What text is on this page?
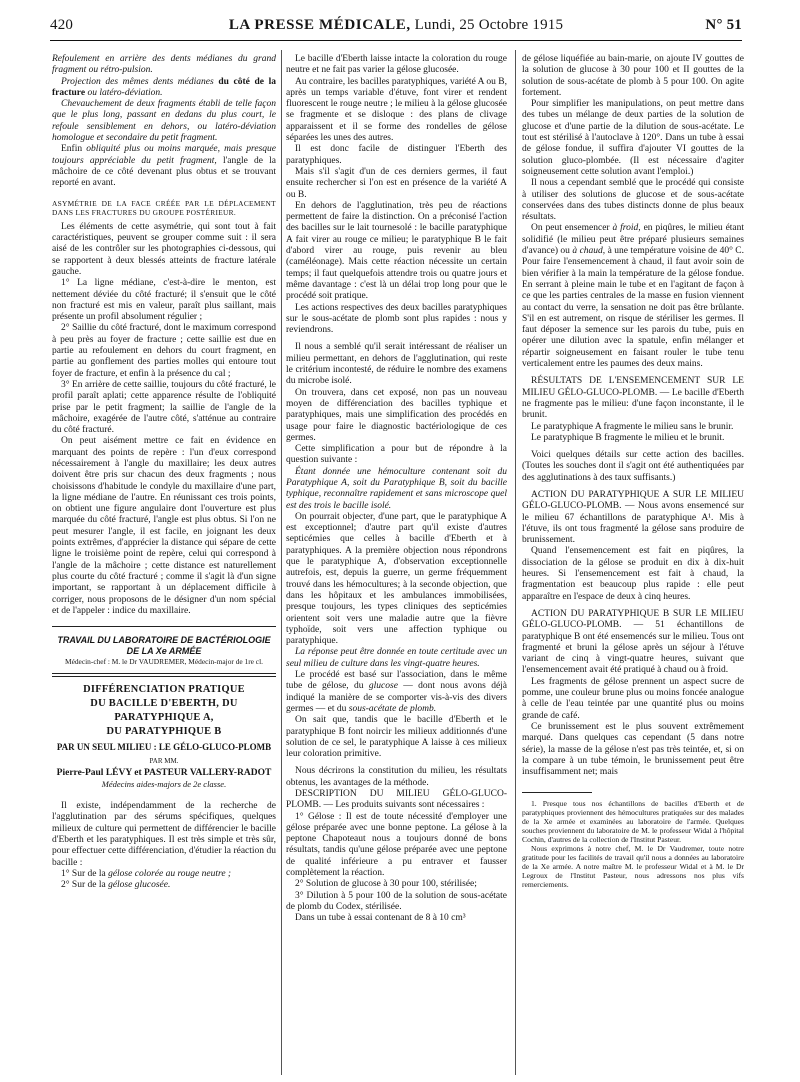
420	LA PRESSE MÉDICALE, Lundi, 25 Octobre 1915	N° 51

Refoulement en arrière des dents médianes du grand fragment ou rétro-pulsion.

Projection des mêmes dents médianes du côté de la fracture ou latéro-déviation.

Chevauchement de deux fragments établi de telle façon que le plus long, passant en dedans du plus court, le refoule sensiblement en dehors, ou latéro-déviation homologue et secondaire du petit fragment.

Enfin obliquité plus ou moins marquée, mais presque toujours appréciable du petit fragment, l'angle de la mâchoire de ce côté devenant plus obtus et se trouvant reporté en avant.

ASYMÉTRIE DE LA FACE CRÉÉE PAR LE DÉPLACEMENT DANS LES FRACTURES DU GROUPE POSTÉRIEUR.

Les éléments de cette asymétrie, qui sont tout à fait caractéristiques, peuvent se grouper comme suit : il sera aisé de les contrôler sur les photographies ci-dessous, qui se rapportent à deux blessés atteints de fracture latérale gauche.

1° La ligne médiane, c'est-à-dire le menton, est nettement déviée du côté fracturé; il s'ensuit que le côté non fracturé est mis en valeur, paraît plus saillant, mais présente un profil absolument régulier ;

2° Saillie du côté fracturé, dont le maximum correspond à peu près au foyer de fracture ; cette saillie est due en partie au refoulement en dehors du court fragment, en partie au gonflement des parties molles qui entoure tout foyer de fracture, et enfin à la présence du cal ;

3° En arrière de cette saillie, toujours du côté fracturé, le profil paraît aplati; cette apparence résulte de l'obliquité prise par le petit fragment; la saillie de l'angle de la mâchoire, exagérée de l'autre côté, s'atténue au contraire du côté fracturé.

On peut aisément mettre ce fait en évidence en marquant des points de repère : l'un d'eux correspond nécessairement à l'angle du maxillaire; les deux autres doivent être pris sur chacun des deux fragments ; nous choisissons d'habitude le condyle du maxillaire d'une part, la ligne médiane de l'autre. En réunissant ces trois points, on obtient une figure angulaire dont l'ouverture est plus marquée du côté fracturé, l'angle est plus obtus. Si l'on ne peut mesurer l'angle, il est facile, en joignant les deux points extrêmes, d'apprécier la distance qui sépare de cette ligne le troisième point de repère, celui qui correspond à l'angle de la mâchoire ; cette distance est naturellement plus courte du côté fracturé ; comme il s'agit là d'un signe important, se rapportant à un déplacement difficile à corriger, nous proposons de le désigner d'un nom spécial et de l'appeler : indice du maxillaire.

TRAVAIL DU LABORATOIRE DE BACTÉRIOLOGIE
DE LA Xe ARMÉE
Médecin-chef : M. le Dr VAUDREMER, Médecin-major de 1re cl.
DIFFÉRENCIATION PRATIQUE
DU BACILLE D'EBERTH, DU PARATYPHIQUE A,
DU PARATYPHIQUE B
PAR UN SEUL MILIEU : LE GÉLO-GLUCO-PLOMB
PAR MM.
Pierre-Paul LÉVY et PASTEUR VALLERY-RADOT
Médecins aides-majors de 2e classe.

Il existe, indépendamment de la recherche de l'agglutination par des sérums spécifiques, quelques milieux de culture qui permettent de différencier le bacille d'Eberth et les paratyphiques. Il est très simple et très sûr, pour effectuer cette différenciation, d'étudier la réaction du bacille :

1° Sur de la gélose colorée au rouge neutre ;

2° Sur de la gélose glucosée.

Le bacille d'Eberth laisse intacte la coloration du rouge neutre et ne fait pas varier la gélose glucosée.

Au contraire, les bacilles paratyphiques, variété A ou B, après un temps variable d'étuve, font virer et rendent fluorescent le rouge neutre ; le milieu à la gélose glucosée se fragmente et se disloque : des plans de clivage apparaissent et il se forme des rondelles de gélose séparées les unes des autres.

Il est donc facile de distinguer l'Eberth des paratyphiques.

Mais s'il s'agit d'un de ces derniers germes, il faut ensuite rechercher si l'on est en présence de la variété A ou B.

En dehors de l'agglutination, très peu de réactions permettent de faire la distinction. On a préconisé l'action des bacilles sur le lait tournesolé : le bacille paratyphique A fait virer au rouge ce milieu; le paratyphique B le fait d'abord virer au rouge, puis revenir au bleu (caméléonage). Mais cette réaction nécessite un certain temps; il faut quelquefois attendre trois ou quatre jours et même davantage : c'est là un délai trop long pour que le procédé soit pratique.

Les actions respectives des deux bacilles paratyphiques sur le sous-acétate de plomb sont plus rapides : nous y reviendrons.

Il nous a semblé qu'il serait intéressant de réaliser un milieu permettant, en dehors de l'agglutination, qui reste le critérium incontesté, de réduire le nombre des examens du microbe isolé.

On trouvera, dans cet exposé, non pas un nouveau moyen de différenciation des bacilles typhique et paratyphiques, mais une simplification des procédés en usage pour faire le diagnostic bactériologique de ces germes.

Cette simplification a pour but de répondre à la question suivante :

Étant donnée une hémoculture contenant soit du Paratyphique A, soit du Paratyphique B, soit du bacille typhique, reconnaître rapidement et sans microscope quel est des trois le bacille isolé.

On pourrait objecter, d'une part, que le paratyphique A est exceptionnel; d'autre part qu'il existe d'autres septicémies que celles à bacille d'Eberth et à paratyphiques. A la première objection nous répondrons que le paratyphique A, d'observation exceptionnelle autrefois, est, depuis la guerre, un germe fréquemment trouvé dans les hémocultures; à la seconde objection, que dans les hôpitaux et les ambulances immobilisées, presque toujours, les types cliniques des septicémies orientent soit vers une maladie autre que la fièvre typhoïde, soit vers une affection typhique ou paratyphique.

La réponse peut être donnée en toute certitude avec un seul milieu de culture dans les vingt-quatre heures.

Le procédé est basé sur l'association, dans le même tube de gélose, du glucose — dont nous avons déjà indiqué la manière de se comporter vis-à-vis des divers germes — et du sous-acétate de plomb.

On sait que, tandis que le bacille d'Eberth et le paratyphique B font noircir les milieux additionnés d'une solution de ce sel, le paratyphique A laisse à ces milieux leur coloration primitive.

Nous décrirons la constitution du milieu, les résultats obtenus, les avantages de la méthode.

DESCRIPTION DU MILIEU GÉLO-GLUCO-PLOMB. — Les produits suivants sont nécessaires :

1° Gélose : Il est de toute nécessité d'employer une gélose préparée avec une bonne peptone. La gélose à la peptone Chapoteaut nous a toujours donné de bons résultats, tandis qu'une gélose préparée avec une peptone de qualité inférieure a pu entraver et fausser complètement la réaction.

2° Solution de glucose à 30 pour 100, stérilisée;

3° Dilution à 5 pour 100 de la solution de sous-acétate de plomb du Codex, stérilisée.

Dans un tube à essai contenant de 8 à 10 cm³

de gélose liquéfiée au bain-marie, on ajoute IV gouttes de la solution de glucose à 30 pour 100 et II gouttes de la solution de sous-acétate de plomb à 5 pour 100. On agite fortement.

Pour simplifier les manipulations, on peut mettre dans des tubes un mélange de deux parties de la solution de glucose et d'une partie de la dilution de sous-acétate. Le tout est stérilisé à l'autoclave à 120°. Dans un tube à essai de gélose fondue, il suffira d'ajouter VI gouttes de la solution gluco-plombée. (Il est nécessaire d'agiter soigneusement cette solution avant l'emploi.)

Il nous a cependant semblé que le procédé qui consiste à utiliser des solutions de glucose et de sous-acétate conservées dans des tubes distincts donne de plus beaux résultats.

On peut ensemencer à froid, en piqûres, le milieu étant solidifié (le milieu peut être préparé plusieurs semaines d'avance) ou à chaud, à une température voisine de 40° C. Pour faire l'ensemencement à chaud, il faut avoir soin de bien vérifier à la main la température de la gélose fondue. En serrant à pleine main le tube et en l'agitant de façon à ce que les parties centrales de la masse en fusion viennent au contact du verre, la sensation ne doit pas être brûlante. S'il en est autrement, on risque de stériliser les germes. Il faut déposer la semence sur les parois du tube, puis en opérer une dilution avec la spatule, enfin mélanger et répartir soigneusement en faisant rouler le tube tenu verticalement entre les paumes des deux mains.

RÉSULTATS DE L'ENSEMENCEMENT SUR LE MILIEU GÉLO-GLUCO-PLOMB. — Le bacille d'Eberth ne fragmente pas le milieu: d'une façon inconstante, il le brunit.

Le paratyphique A fragmente le milieu sans le brunir.

Le paratyphique B fragmente le milieu et le brunit.

Voici quelques détails sur cette action des bacilles. (Toutes les souches dont il s'agit ont été authentiquées par des agglutinations à des taux suffisants.)

ACTION DU PARATYPHIQUE A SUR LE MILIEU GÉLO-GLUCO-PLOMB. — Nous avons ensemencé sur le milieu 67 échantillons de paratyphique A¹. Mis à l'étuve, ils ont tous fragmenté la gélose sans produire de brunissement.

Quand l'ensemencement est fait en piqûres, la dissociation de la gélose se produit en dix à dix-huit heures. Si l'ensemencement est fait à chaud, la fragmentation est beaucoup plus rapide : elle peut apparaître en l'espace de deux à cinq heures.

ACTION DU PARATYPHIQUE B SUR LE MILIEU GÉLO-GLUCO-PLOMB. — 51 échantillons de paratyphique B ont été ensemencés sur le milieu. Tous ont fragmenté et bruni la gélose après un séjour à l'étuve variant de cinq à vingt-quatre heures, suivant que l'ensemencement avait été pratiqué à chaud ou à froid.

Les fragments de gélose prennent un aspect sucre de pomme, une couleur brune plus ou moins foncée analogue à celle de l'eau teintée par une quantité plus ou moins grande de café.

Ce brunissement est le plus souvent extrêmement marqué. Dans quelques cas cependant (5 dans notre série), la masse de la gélose n'est pas très teintée, et, si on la compare à un tube témoin, le brunissement peut être insuffisamment net; mais

1. Presque tous nos échantillons de bacilles d'Eberth et de paratyphiques proviennent des hémocultures pratiquées sur des malades de la Xe armée et examinées au laboratoire de l'armée. Quelques souches proviennent du laboratoire de M. le professeur Widal à l'hôpital Cochin, d'autres de la collection de l'Institut Pasteur.

Nous exprimons à notre chef, M. le Dr Vaudremer, toute notre gratitude pour les facilités de travail qu'il nous a données au laboratoire de la Xe armée. A notre maître M. le professeur Widal et à M. le Dr Legroux de l'Institut Pasteur, nous adressons nos plus vifs remerciements.
